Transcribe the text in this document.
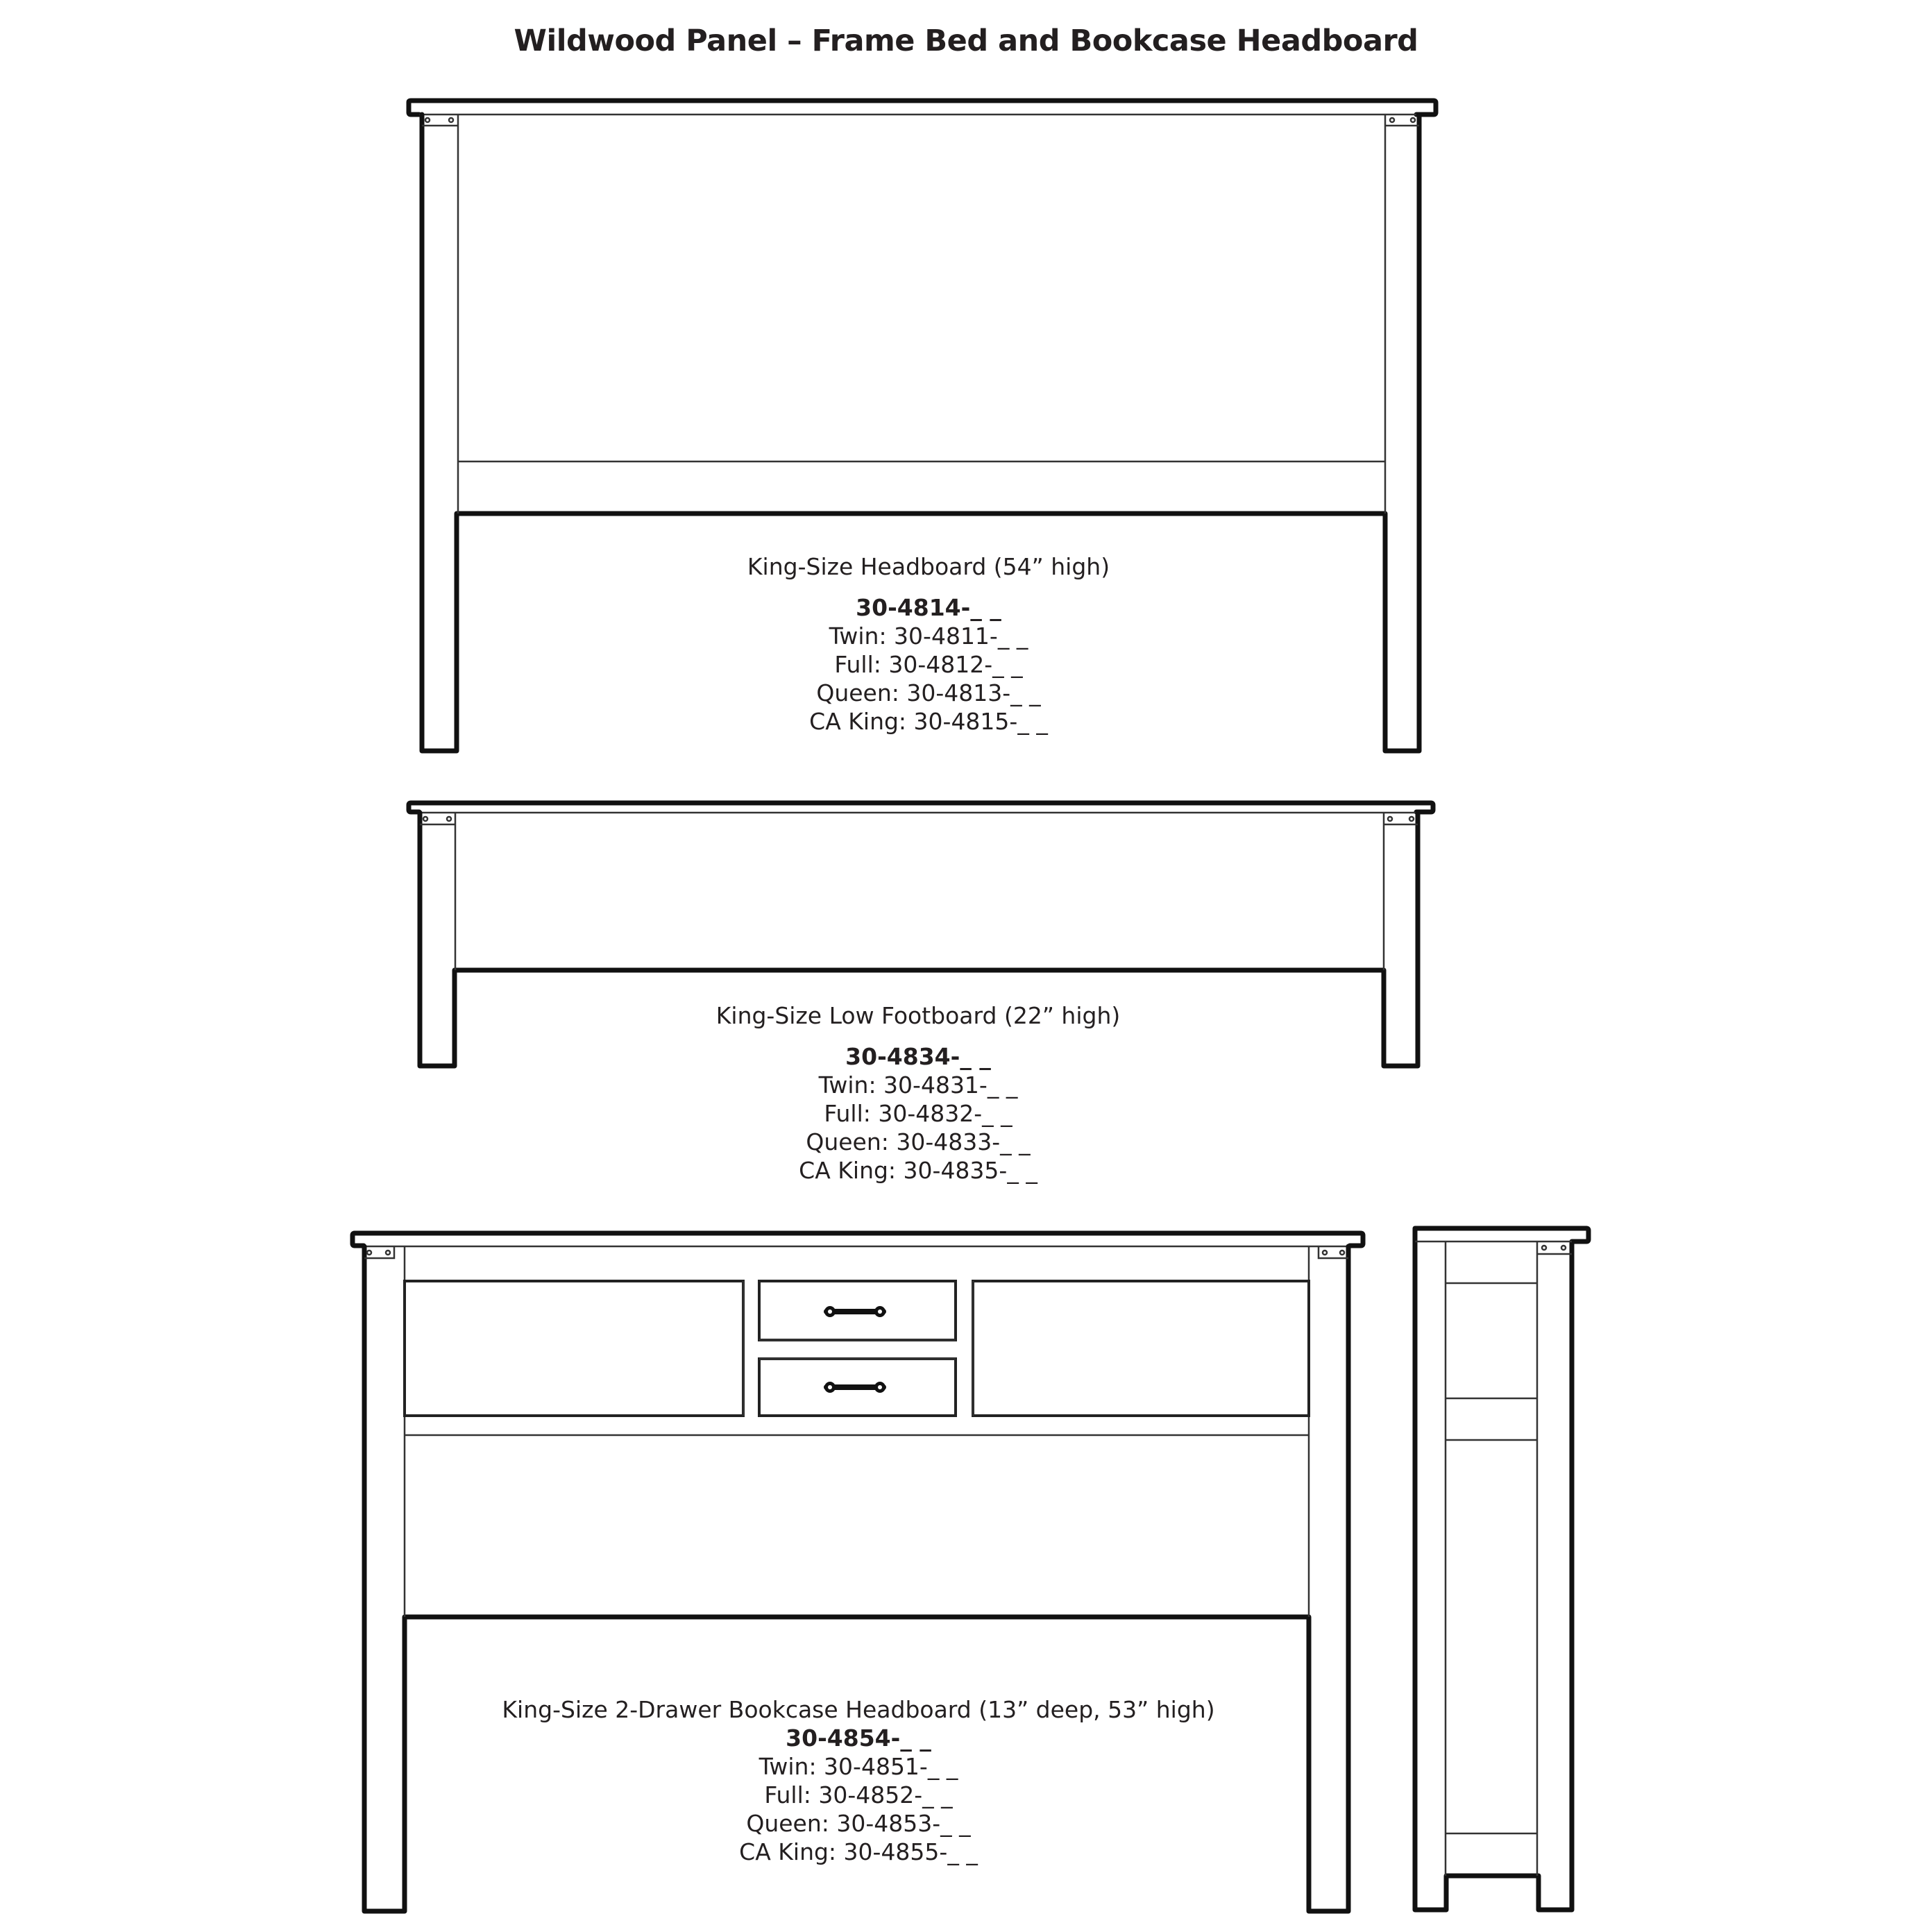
Wildwood Panel – Frame Bed and Bookcase Headboard
King-Size Headboard (54” high)
30-4814-_ _
Twin: 30-4811-_ _
Full: 30-4812-_ _
Queen: 30-4813-_ _
CA King: 30-4815-_ _
King-Size Low Footboard (22” high)
30-4834-_ _
Twin: 30-4831-_ _
Full: 30-4832-_ _
Queen: 30-4833-_ _
CA King: 30-4835-_ _
King-Size 2-Drawer Bookcase Headboard (13” deep, 53” high)
30-4854-_ _
Twin: 30-4851-_ _
Full: 30-4852-_ _
Queen: 30-4853-_ _
CA King: 30-4855-_ _
